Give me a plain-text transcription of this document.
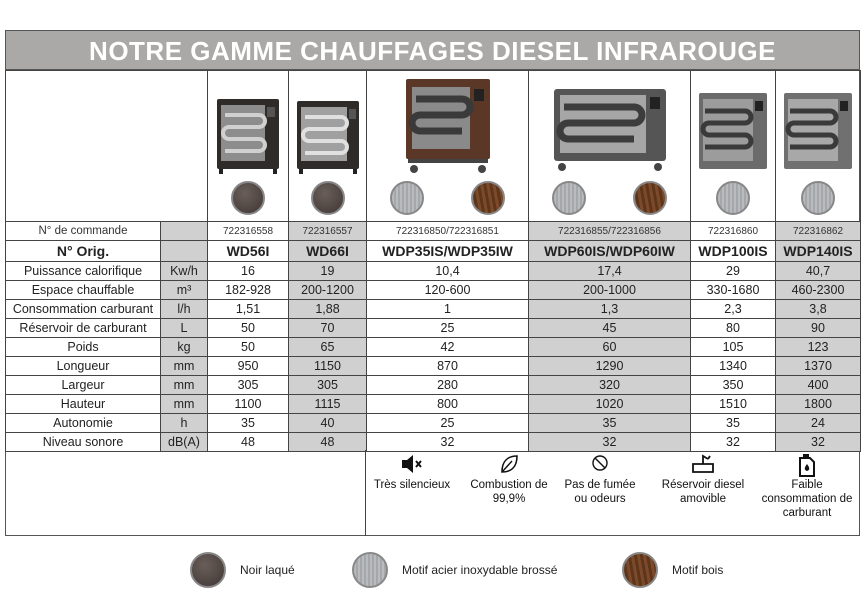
NOTRE GAMME CHAUFFAGES DIESEL INFRAROUGE

N° de commande		722316558	722316557	722316850/722316851	722316855/722316856	722316860	722316862
N° Orig.		WD56I	WD66I	WDP35IS/WDP35IW	WDP60IS/WDP60IW	WDP100IS	WDP140IS
Puissance calorifique	Kw/h	16	19	10,4	17,4	29	40,7
Espace chauffable	m³	182-928	200-1200	120-600	200-1000	330-1680	460-2300
Consommation carburant	l/h	1,51	1,88	1	1,3	2,3	3,8
Réservoir de carburant	L	50	70	25	45	80	90
Poids	kg	50	65	42	60	105	123
Longueur	mm	950	1150	870	1290	1340	1370
Largeur	mm	305	305	280	320	350	400
Hauteur	mm	1100	1115	800	1020	1510	1800
Autonomie	h	35	40	25	35	35	24
Niveau sonore	dB(A)	48	48	32	32	32	32
Très silencieux	Combustion de 99,9%
Pas de fumée ou odeurs
Réservoir diesel amovible
Faible consommation de carburant
Noir laqué	Motif acier inoxydable brossé	Motif bois
